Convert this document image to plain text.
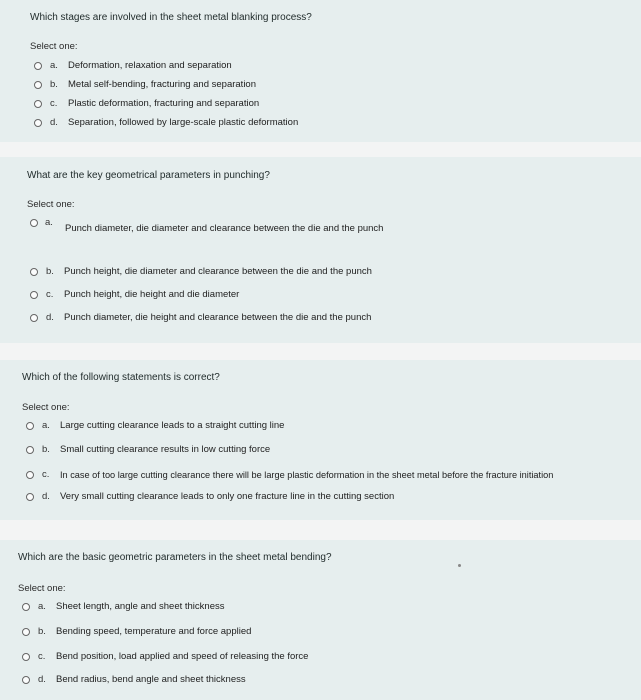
Which stages are involved in the sheet metal blanking process?
Select one:
a.	Deformation, relaxation and separation
b.	Metal self-bending, fracturing and separation
c.	Plastic deformation, fracturing and separation
d.	Separation, followed by large-scale plastic deformation
What are the key geometrical parameters in punching?
Select one:
a.
Punch diameter, die diameter and clearance between the die and the punch
b.	Punch height, die diameter and clearance between the die and the punch
c.	Punch height, die height and die diameter
d.	Punch diameter, die height and clearance between the die and the punch
Which of the following statements is correct?
Select one:
a.	Large cutting clearance leads to a straight cutting line
b.	Small cutting clearance results in low cutting force
c.	In case of too large cutting clearance there will be large plastic deformation in the sheet metal before the fracture initiation
d.	Very small cutting clearance leads to only one fracture line in the cutting section
Which are the basic geometric parameters in the sheet metal bending?
Select one:
a.	Sheet length, angle and sheet thickness
b.	Bending speed, temperature and force applied
c.	Bend position, load applied and speed of releasing the force
d.	Bend radius, bend angle and sheet thickness
